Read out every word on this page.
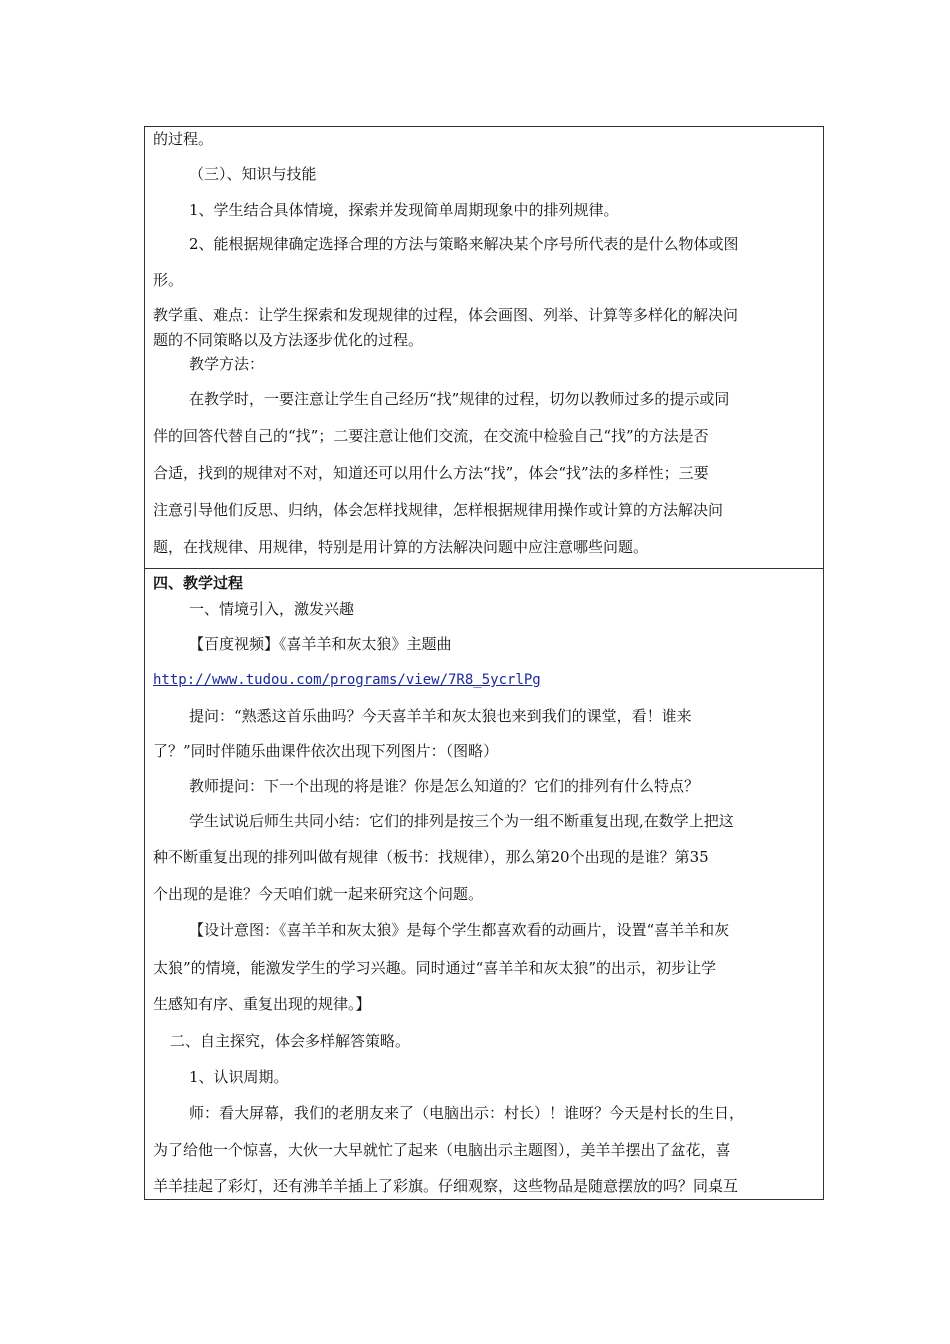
的过程。
（三）、知识与技能
1、学生结合具体情境，探索并发现简单周期现象中的排列规律。
2、能根据规律确定选择合理的方法与策略来解决某个序号所代表的是什么物体或图
形。
教学重、难点：让学生探索和发现规律的过程，体会画图、列举、计算等多样化的解决问
题的不同策略以及方法逐步优化的过程。
教学方法：
在教学时，一要注意让学生自己经历“找”规律的过程，切勿以教师过多的提示或同
伴的回答代替自己的“找”；二要注意让他们交流，在交流中检验自己“找”的方法是否
合适，找到的规律对不对，知道还可以用什么方法“找”，体会“找”法的多样性；三要
注意引导他们反思、归纳，体会怎样找规律，怎样根据规律用操作或计算的方法解决问
题，在找规律、用规律，特别是用计算的方法解决问题中应注意哪些问题。
四、教学过程
一、情境引入，激发兴趣
【百度视频】《喜羊羊和灰太狼》主题曲
http://www.tudou.com/programs/view/7R8_5ycrlPg
提问：“熟悉这首乐曲吗？今天喜羊羊和灰太狼也来到我们的课堂，看！谁来
了？”同时伴随乐曲课件依次出现下列图片：（图略）
教师提问：下一个出现的将是谁？你是怎么知道的？它们的排列有什么特点？
学生试说后师生共同小结：它们的排列是按三个为一组不断重复出现,在数学上把这
种不断重复出现的排列叫做有规律（板书：找规律），那么第20个出现的是谁？第35
个出现的是谁？今天咱们就一起来研究这个问题。
【设计意图：《喜羊羊和灰太狼》是每个学生都喜欢看的动画片，设置“喜羊羊和灰
太狼”的情境，能激发学生的学习兴趣。同时通过“喜羊羊和灰太狼”的出示，初步让学
生感知有序、重复出现的规律。】
二、自主探究，体会多样解答策略。
1、认识周期。
师：看大屏幕，我们的老朋友来了（电脑出示：村长）！谁呀？今天是村长的生日，
为了给他一个惊喜，大伙一大早就忙了起来（电脑出示主题图），美羊羊摆出了盆花，喜
羊羊挂起了彩灯，还有沸羊羊插上了彩旗。仔细观察，这些物品是随意摆放的吗？同桌互
